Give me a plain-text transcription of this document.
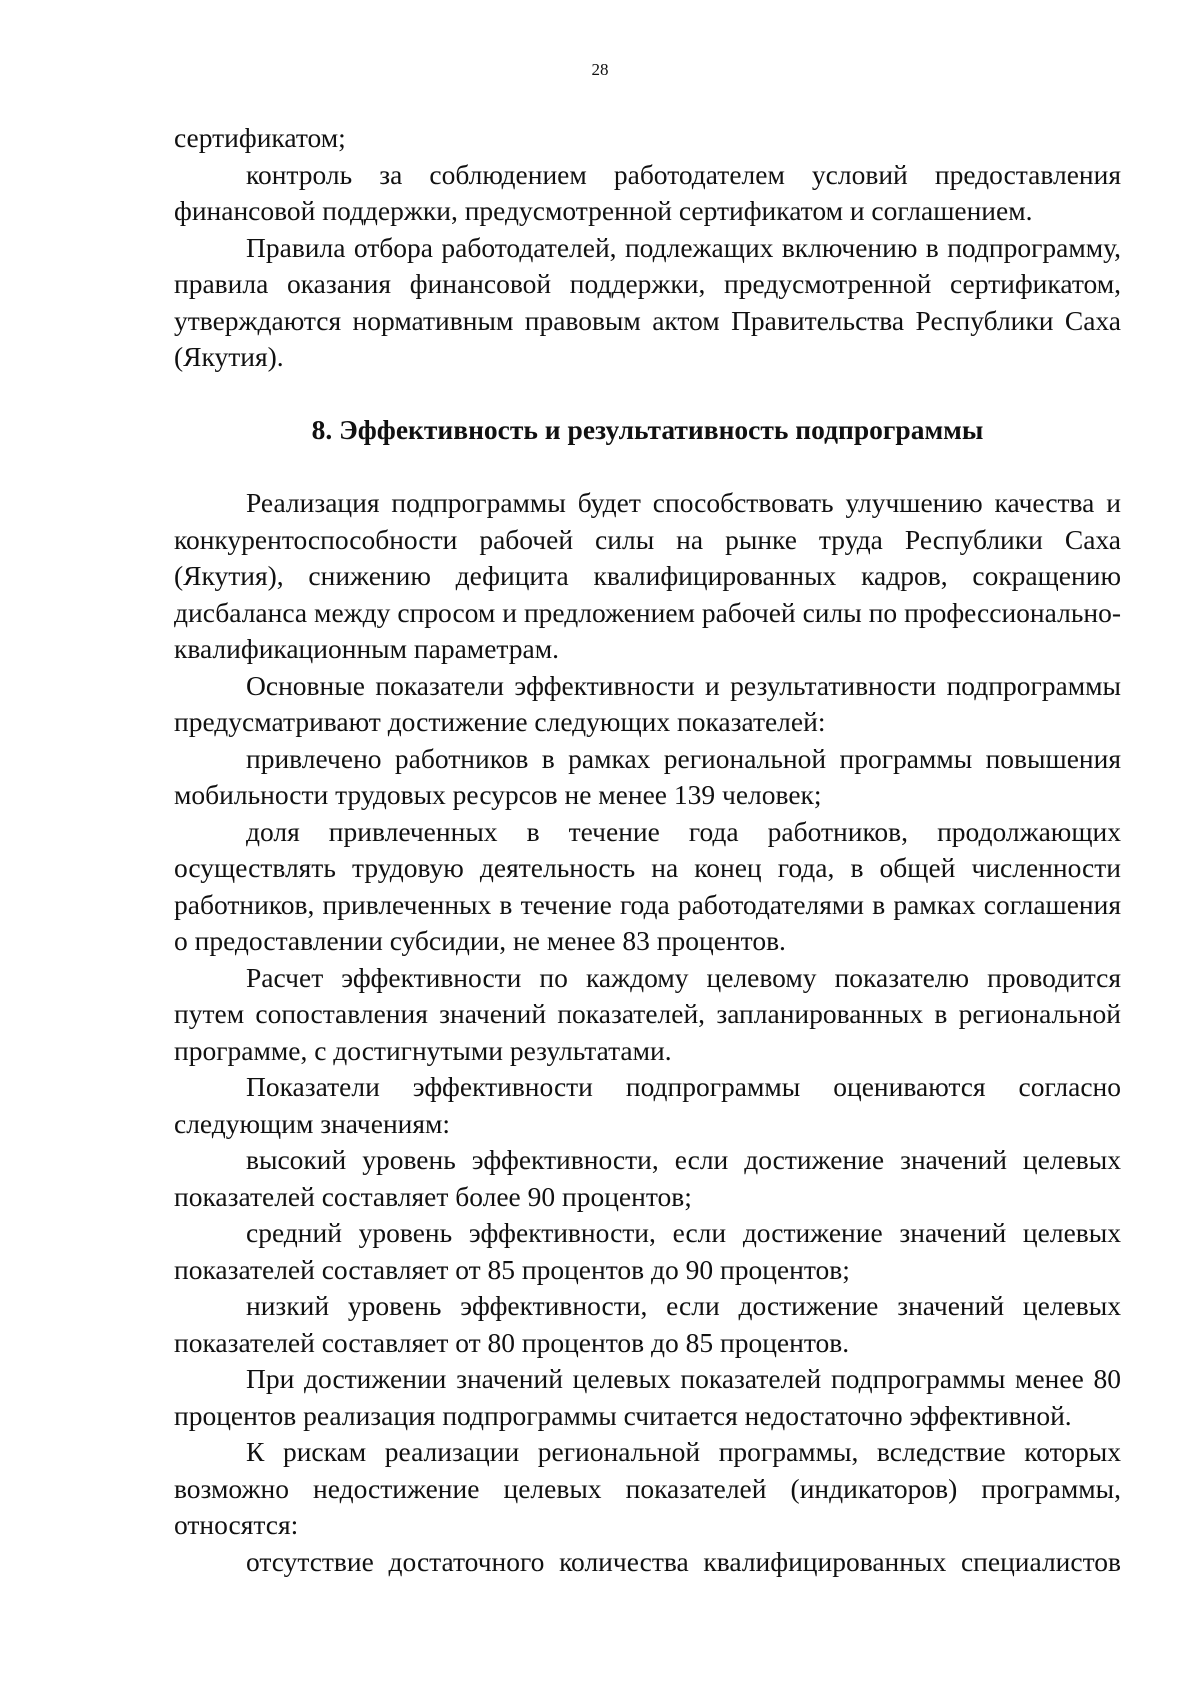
28

сертификатом;

контроль за соблюдением работодателем условий предоставления финансовой поддержки, предусмотренной сертификатом и соглашением.

Правила отбора работодателей, подлежащих включению в подпрограмму, правила оказания финансовой поддержки, предусмотренной сертификатом, утверждаются нормативным правовым актом Правительства Республики Саха (Якутия).

8. Эффективность и результативность подпрограммы

Реализация подпрограммы будет способствовать улучшению качества и конкурентоспособности рабочей силы на рынке труда Республики Саха (Якутия), снижению дефицита квалифицированных кадров, сокращению дисбаланса между спросом и предложением рабочей силы по профессионально-квалификационным параметрам.

Основные показатели эффективности и результативности подпрограммы предусматривают достижение следующих показателей:

привлечено работников в рамках региональной программы повышения мобильности трудовых ресурсов не менее 139 человек;

доля привлеченных в течение года работников, продолжающих осуществлять трудовую деятельность на конец года, в общей численности работников, привлеченных в течение года работодателями в рамках соглашения о предоставлении субсидии, не менее 83 процентов.

Расчет эффективности по каждому целевому показателю проводится путем сопоставления значений показателей, запланированных в региональной программе, с достигнутыми результатами.

Показатели эффективности подпрограммы оцениваются согласно следующим значениям:

высокий уровень эффективности, если достижение значений целевых показателей составляет более 90 процентов;

средний уровень эффективности, если достижение значений целевых показателей составляет от 85 процентов до 90 процентов;

низкий уровень эффективности, если достижение значений целевых показателей составляет от 80 процентов до 85 процентов.

При достижении значений целевых показателей подпрограммы менее 80 процентов реализация подпрограммы считается недостаточно эффективной.

К рискам реализации региональной программы, вследствие которых возможно недостижение целевых показателей (индикаторов) программы, относятся:

отсутствие достаточного количества квалифицированных специалистов
